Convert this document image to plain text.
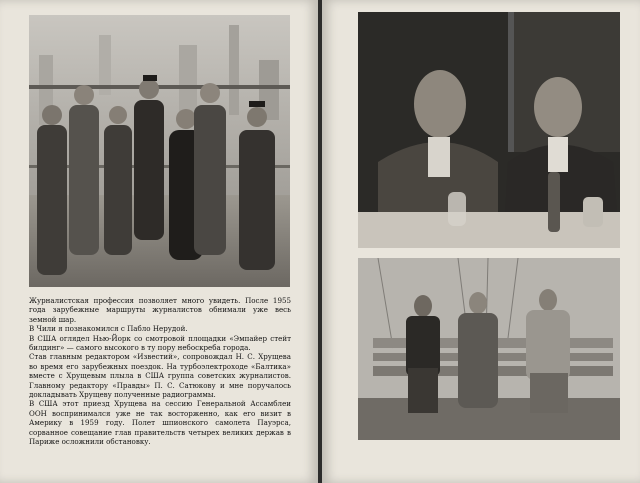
Журналистская профессия позволяет много увидеть. После 1955 года зарубежные маршруты журналистов обнимали уже весь земной шар.

В Чили я познакомился с Пабло Нерудой.

В США оглядел Нью-Йорк со смотровой площадки «Эмпайер стейт билдинг» — самого высокого в ту пору небоскреба города.

Став главным редактором «Известий», сопровождал Н. С. Хрущева во время его зарубежных поездок. На турбоэлектроходе «Балтика» вместе с Хрущевым плыла в США группа советских журналистов. Главному редактору «Правды» П. С. Сатюкову и мне поручалось докладывать Хрущеву полученные радиограммы.

В США этот приезд Хрущева на сессию Генеральной Ассамблеи ООН воспринимался уже не так восторженно, как его визит в Америку в 1959 году. Полет шпионского самолета Пауэрса, сорванное совещание глав правительств четырех великих держав в Париже осложнили обстановку.
